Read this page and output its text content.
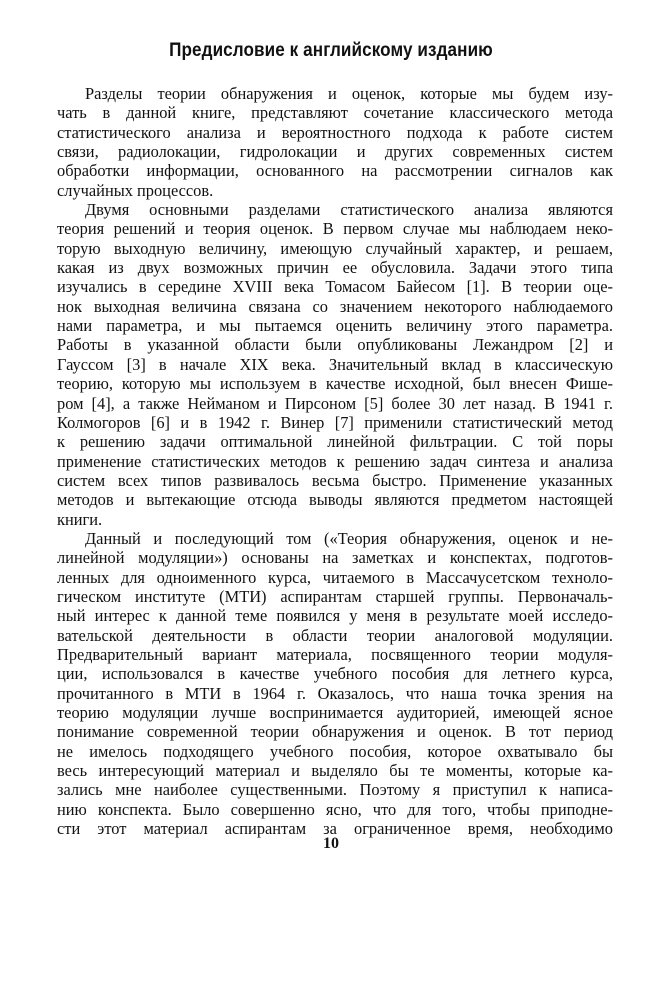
Предисловие к английскому изданию
Разделы теории обнаружения и оценок, которые мы будем изу-
чать в данной книге, представляют сочетание классического метода
статистического анализа и вероятностного подхода к работе систем
связи, радиолокации, гидролокации и других современных систем
обработки информации, основанного на рассмотрении сигналов как
случайных процессов.
Двумя основными разделами статистического анализа являются
теория решений и теория оценок. В первом случае мы наблюдаем неко-
торую выходную величину, имеющую случайный характер, и решаем,
какая из двух возможных причин ее обусловила. Задачи этого типа
изучались в середине XVIII века Томасом Байесом [1]. В теории оце-
нок выходная величина связана со значением некоторого наблюдаемого
нами параметра, и мы пытаемся оценить величину этого параметра.
Работы в указанной области были опубликованы Лежандром [2] и
Гауссом [3] в начале XIX века. Значительный вклад в классическую
теорию, которую мы используем в качестве исходной, был внесен Фише-
ром [4], а также Нейманом и Пирсоном [5] более 30 лет назад. В 1941 г.
Колмогоров [6] и в 1942 г. Винер [7] применили статистический метод
к решению задачи оптимальной линейной фильтрации. С той поры
применение статистических методов к решению задач синтеза и анализа
систем всех типов развивалось весьма быстро. Применение указанных
методов и вытекающие отсюда выводы являются предметом настоящей
книги.
Данный и последующий том («Теория обнаружения, оценок и не-
линейной модуляции») основаны на заметках и конспектах, подготов-
ленных для одноименного курса, читаемого в Массачусетском техноло-
гическом институте (МТИ) аспирантам старшей группы. Первоначаль-
ный интерес к данной теме появился у меня в результате моей исследо-
вательской деятельности в области теории аналоговой модуляции.
Предварительный вариант материала, посвященного теории модуля-
ции, использовался в качестве учебного пособия для летнего курса,
прочитанного в МТИ в 1964 г. Оказалось, что наша точка зрения на
теорию модуляции лучше воспринимается аудиторией, имеющей ясное
понимание современной теории обнаружения и оценок. В тот период
не имелось подходящего учебного пособия, которое охватывало бы
весь интересующий материал и выделяло бы те моменты, которые ка-
зались мне наиболее существенными. Поэтому я приступил к написа-
нию конспекта. Было совершенно ясно, что для того, чтобы приподне-
сти этот материал аспирантам за ограниченное время, необходимо
10
